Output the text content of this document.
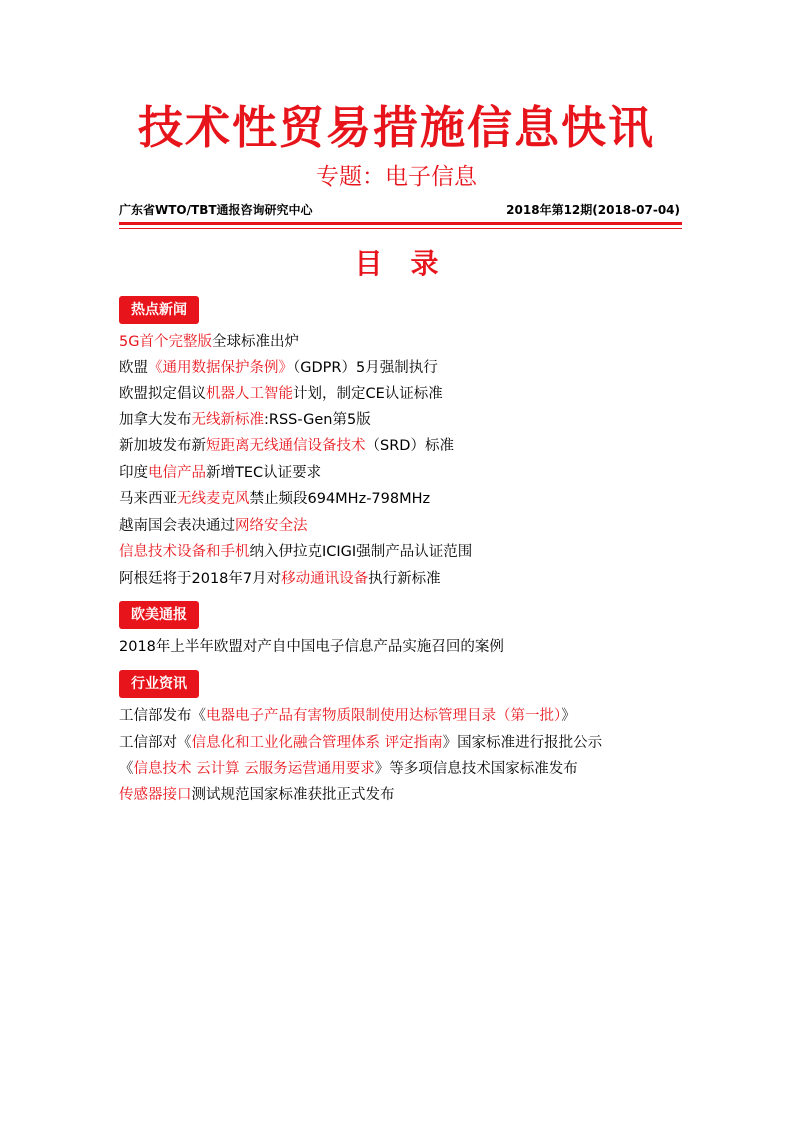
技术性贸易措施信息快讯
专题：电子信息
广东省WTO/TBT通报咨询研究中心	2018年第12期(2018-07-04)
目录
热点新闻
5G首个完整版全球标准出炉
欧盟《通用数据保护条例》（GDPR）5月强制执行
欧盟拟定倡议机器人工智能计划，制定CE认证标准
加拿大发布无线新标准:RSS-Gen第5版
新加坡发布新短距离无线通信设备技术（SRD）标准
印度电信产品新增TEC认证要求
马来西亚无线麦克风禁止频段694MHz-798MHz
越南国会表决通过网络安全法
信息技术设备和手机纳入伊拉克ICIGI强制产品认证范围
阿根廷将于2018年7月对移动通讯设备执行新标准
欧美通报
2018年上半年欧盟对产自中国电子信息产品实施召回的案例
行业资讯
工信部发布《电器电子产品有害物质限制使用达标管理目录（第一批）》
工信部对《信息化和工业化融合管理体系 评定指南》国家标准进行报批公示
《信息技术 云计算 云服务运营通用要求》等多项信息技术国家标准发布
传感器接口测试规范国家标准获批正式发布
